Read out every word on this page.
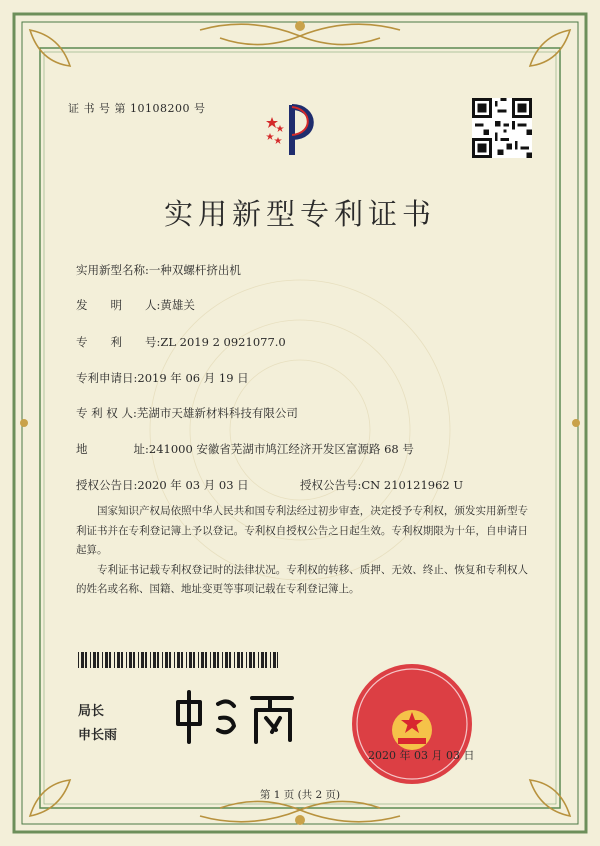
证 书 号 第 10108200 号
实用新型专利证书
实用新型名称:一种双螺杆挤出机
发　　明　　人:黄雄关
专　　利　　号:ZL 2019 2 0921077.0
专利申请日:2019 年 06 月 19 日
专 利 权 人:芜湖市天雄新材料科技有限公司
地　　　　址:241000 安徽省芜湖市鸠江经济开发区富源路 68 号
授权公告日:2020 年 03 月 03 日	授权公告号:CN 210121962 U

国家知识产权局依照中华人民共和国专利法经过初步审查，决定授予专利权，颁发实用新型专利证书并在专利登记簿上予以登记。专利权自授权公告之日起生效。专利权期限为十年，自申请日起算。

专利证书记载专利权登记时的法律状况。专利权的转移、质押、无效、终止、恢复和专利权人的姓名或名称、国籍、地址变更等事项记载在专利登记簿上。

局长
申长雨
2020 年 03 月 03 日
第 1 页 (共 2 页)
